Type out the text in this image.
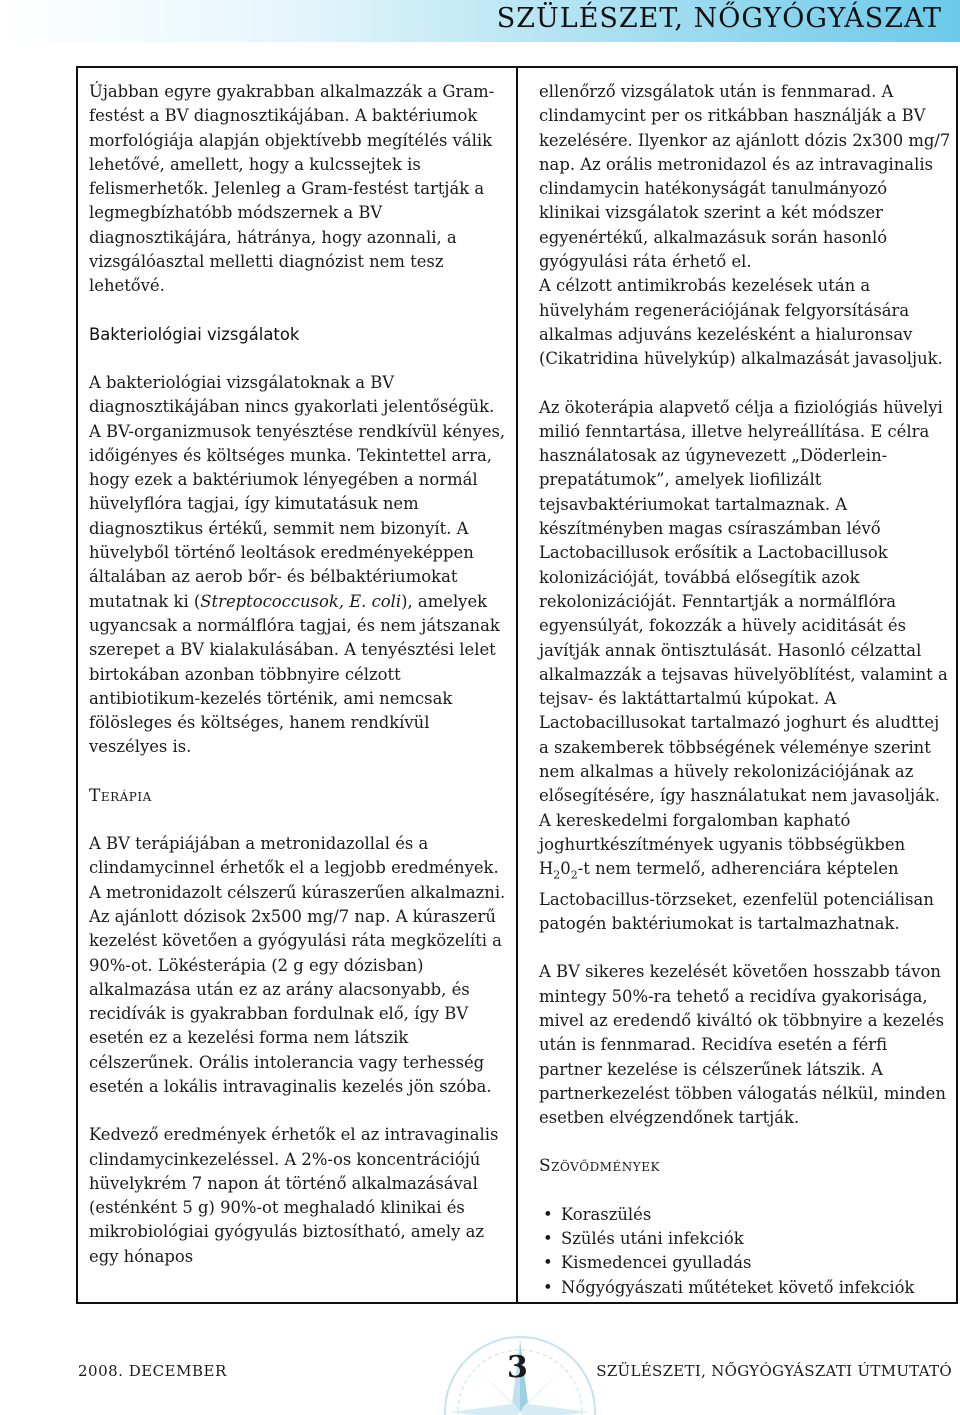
SZÜLÉSZET, NŐGYÓGYÁSZAT

Újabban egyre gyakrabban alkalmazzák a Gram-festést a BV diagnosztikájában. A baktériumok morfológiája alapján objektívebb megítélés válik lehetővé, amellett, hogy a kulcssejtek is felismerhetők. Jelenleg a Gram-festést tartják a legmegbízhatóbb módszernek a BV diagnosztikájára, hátránya, hogy azonnali, a vizsgálóasztal melletti diagnózist nem tesz lehetővé.

Bakteriológiai vizsgálatok

A bakteriológiai vizsgálatoknak a BV diagnosztikájában nincs gyakorlati jelentőségük. A BV-organizmusok tenyésztése rendkívül kényes, időigényes és költséges munka. Tekintettel arra, hogy ezek a baktériumok lényegében a normál hüvelyflóra tagjai, így kimutatásuk nem diagnosztikus értékű, semmit nem bizonyít. A hüvelyből történő leoltások eredményeképpen általában az aerob bőr- és bélbaktériumokat mutatnak ki (Streptococcusok, E. coli), amelyek ugyancsak a normálflóra tagjai, és nem játszanak szerepet a BV kialakulásában. A tenyésztési lelet birtokában azonban többnyire célzott antibiotikum-kezelés történik, ami nemcsak fölösleges és költséges, hanem rendkívül veszélyes is.

Terápia

A BV terápiájában a metronidazollal és a clindamycinnel érhetők el a legjobb eredmények. A metronidazolt célszerű kúraszerűen alkalmazni. Az ajánlott dózisok 2x500 mg/7 nap. A kúraszerű kezelést követően a gyógyulási ráta megközelíti a 90%-ot. Lökésterápia (2 g egy dózisban) alkalmazása után ez az arány alacsonyabb, és recidívák is gyakrabban fordulnak elő, így BV esetén ez a kezelési forma nem látszik célszerűnek. Orális intolerancia vagy terhesség esetén a lokális intravaginalis kezelés jön szóba.

Kedvező eredmények érhetők el az intravaginalis clindamycinkezeléssel. A 2%-os koncentrációjú hüvelykrém 7 napon át történő alkalmazásával (esténként 5 g) 90%-ot meghaladó klinikai és mikrobiológiai gyógyulás biztosítható, amely az egy hónapos

ellenőrző vizsgálatok után is fennmarad. A clindamycint per os ritkábban használják a BV kezelésére. Ilyenkor az ajánlott dózis 2x300 mg/7 nap. Az orális metronidazol és az intravaginalis clindamycin hatékonyságát tanulmányozó klinikai vizsgálatok szerint a két módszer egyenértékű, alkalmazásuk során hasonló gyógyulási ráta érhető el.

A célzott antimikrobás kezelések után a hüvelyhám regenerációjának felgyorsítására alkalmas adjuváns kezelésként a hialuronsav (Cikatridina hüvelykúp) alkalmazását javasoljuk.

Az ökoterápia alapvető célja a fiziológiás hüvelyi milió fenntartása, illetve helyreállítása. E célra használatosak az úgynevezett „Döderlein-prepatátumok”, amelyek liofilizált tejsavbaktériumokat tartalmaznak. A készítményben magas csíraszámban lévő Lactobacillusok erősítik a Lactobacillusok kolonizációját, továbbá elősegítik azok rekolonizációját. Fenntartják a normálflóra egyensúlyát, fokozzák a hüvely aciditását és javítják annak öntisztulását. Hasonló célzattal alkalmazzák a tejsavas hüvelyöblítést, valamint a tejsav- és laktáttartalmú kúpokat. A Lactobacillusokat tartalmazó joghurt és aludttej a szakemberek többségének véleménye szerint nem alkalmas a hüvely rekolonizációjának az elősegítésére, így használatukat nem javasolják. A kereskedelmi forgalomban kapható joghurtkészítmények ugyanis többségükben $H_20_2-t$ nem termelő, adherenciára képtelen Lactobacillus-törzseket, ezenfelül potenciálisan patogén baktériumokat is tartalmazhatnak.

A BV sikeres kezelését követően hosszabb távon mintegy 50%-ra tehető a recidíva gyakorisága, mivel az eredendő kiváltó ok többnyire a kezelés után is fennmarad. Recidíva esetén a férfi partner kezelése is célszerűnek látszik. A partnerkezelést többen válogatás nélkül, minden esetben elvégzendőnek tartják.

Szövődmények

• Koraszülés
• Szülés utáni infekciók
• Kismedencei gyulladás
• Nőgyógyászati műtéteket követő infekciók
2008. DECEMBER	3	SZÜLÉSZETI, NŐGYÓGYÁSZATI ÚTMUTATÓ
